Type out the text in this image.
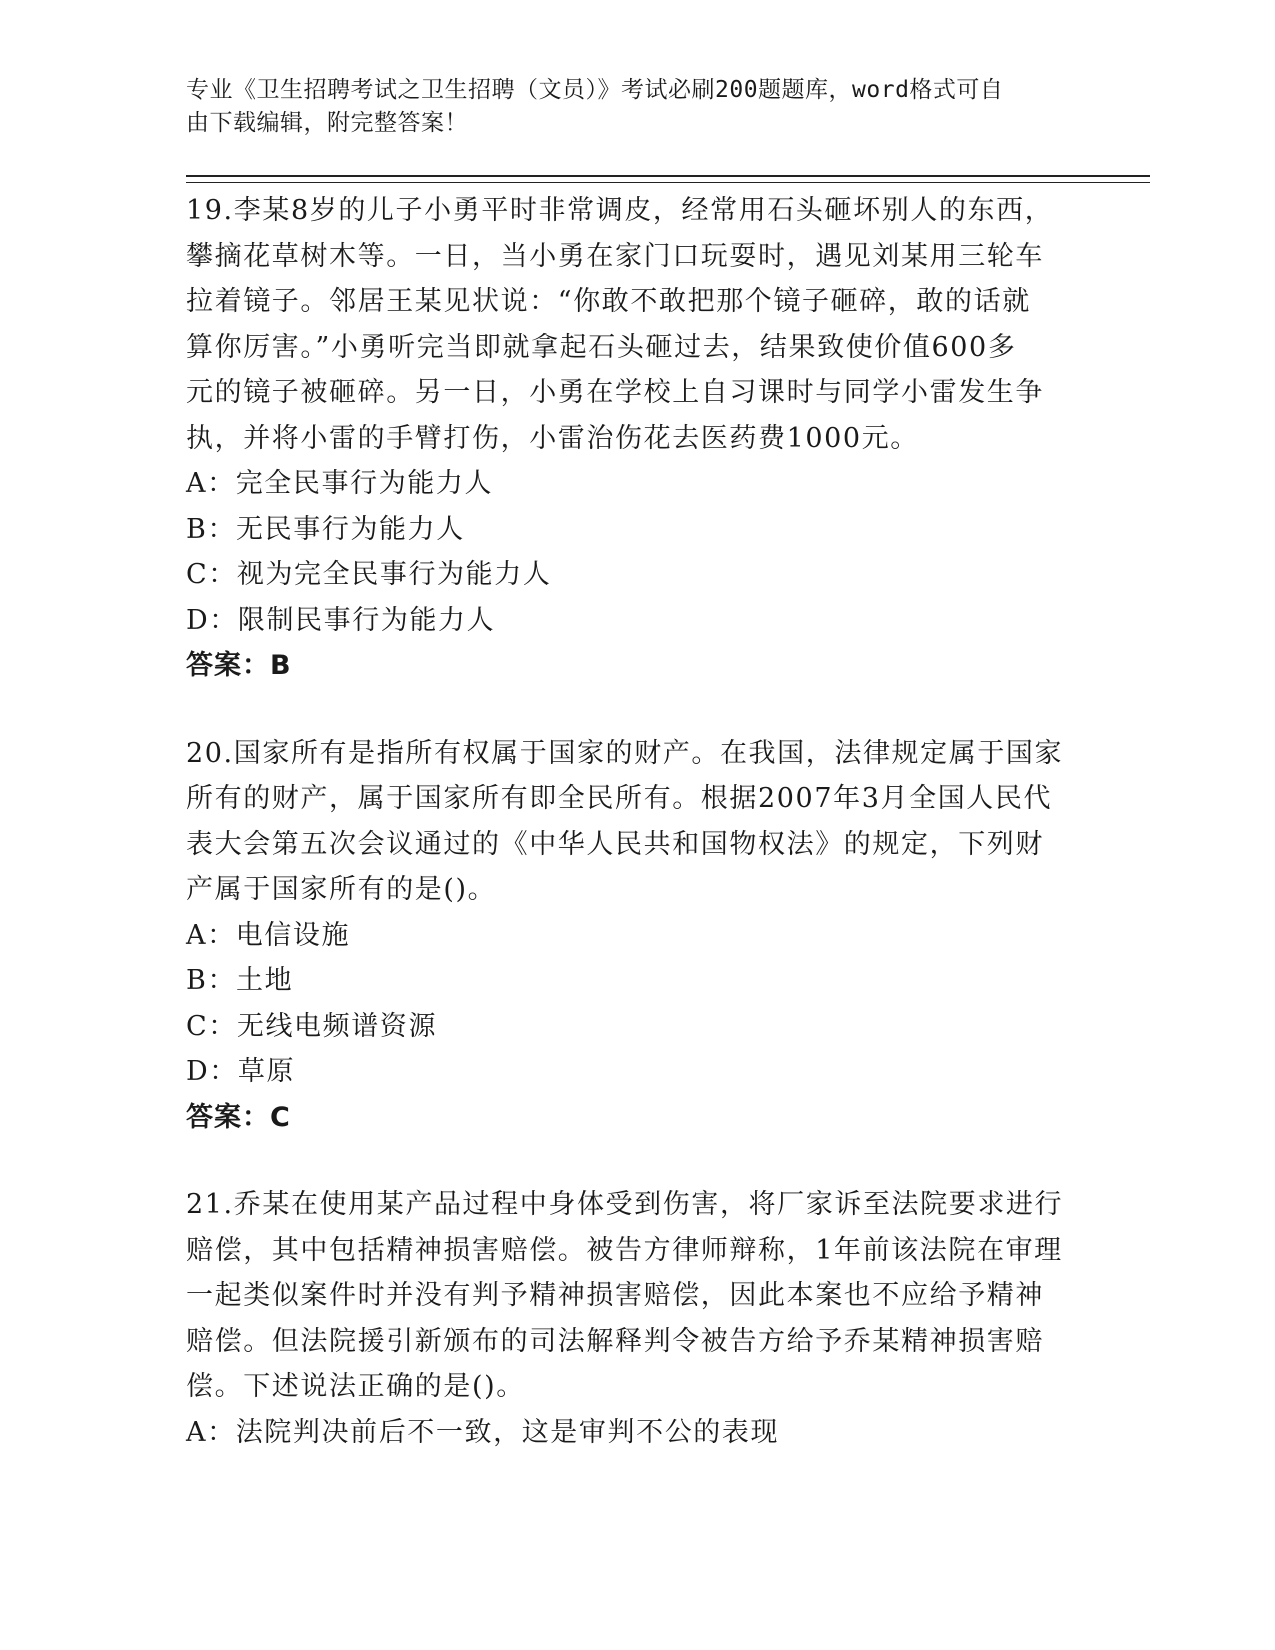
专业《卫生招聘考试之卫生招聘（文员）》考试必刷200题题库，word格式可自
由下载编辑，附完整答案！
19.李某8岁的儿子小勇平时非常调皮，经常用石头砸坏别人的东西，
攀摘花草树木等。一日，当小勇在家门口玩耍时，遇见刘某用三轮车
拉着镜子。邻居王某见状说：“你敢不敢把那个镜子砸碎，敢的话就
算你厉害。”小勇听完当即就拿起石头砸过去，结果致使价值600多
元的镜子被砸碎。另一日，小勇在学校上自习课时与同学小雷发生争
执，并将小雷的手臂打伤，小雷治伤花去医药费1000元。
A：完全民事行为能力人
B：无民事行为能力人
C：视为完全民事行为能力人
D：限制民事行为能力人
答案：B
20.国家所有是指所有权属于国家的财产。在我国，法律规定属于国家
所有的财产，属于国家所有即全民所有。根据2007年3月全国人民代
表大会第五次会议通过的《中华人民共和国物权法》的规定，下列财
产属于国家所有的是()。
A：电信设施
B：土地
C：无线电频谱资源
D：草原
答案：C
21.乔某在使用某产品过程中身体受到伤害，将厂家诉至法院要求进行
赔偿，其中包括精神损害赔偿。被告方律师辩称，1年前该法院在审理
一起类似案件时并没有判予精神损害赔偿，因此本案也不应给予精神
赔偿。但法院援引新颁布的司法解释判令被告方给予乔某精神损害赔
偿。下述说法正确的是()。
A：法院判决前后不一致，这是审判不公的表现
